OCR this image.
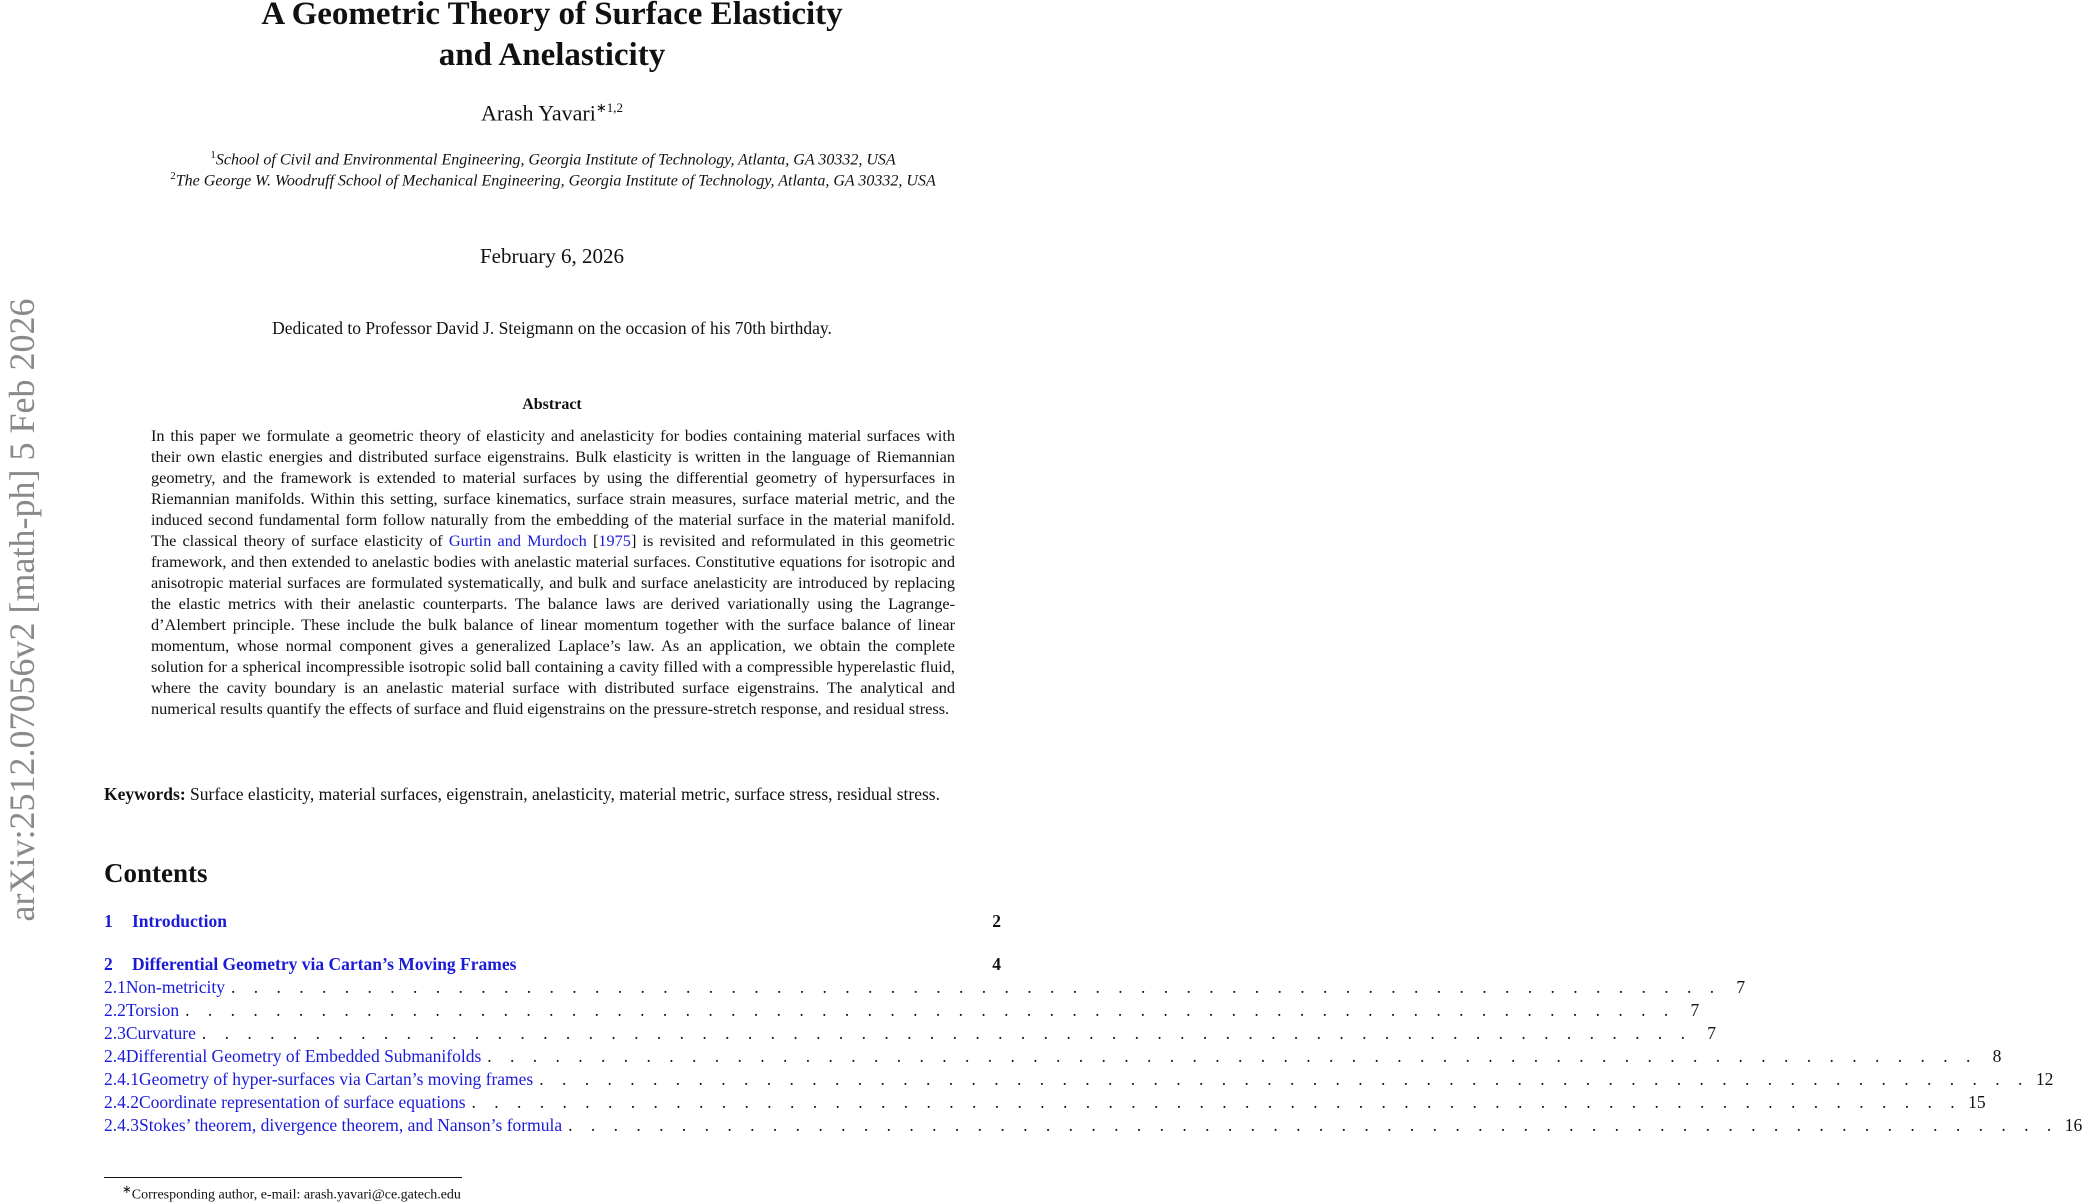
arXiv:2512.07056v2 [math-ph] 5 Feb 2026
A Geometric Theory of Surface Elasticity
and Anelasticity
Arash Yavari$^{∗1,2}$
$^1$School of Civil and Environmental Engineering, Georgia Institute of Technology, Atlanta, GA 30332, USA
$^2$The George W. Woodruff School of Mechanical Engineering, Georgia Institute of Technology, Atlanta, GA 30332, USA
February 6, 2026
Dedicated to Professor David J. Steigmann on the occasion of his 70th birthday.
Abstract

In this paper we formulate a geometric theory of elasticity and anelasticity for bodies containing material surfaces with their own elastic energies and distributed surface eigenstrains. Bulk elasticity is written in the language of Riemannian geometry, and the framework is extended to material surfaces by using the differential geometry of hypersurfaces in Riemannian manifolds. Within this setting, surface kinematics, surface strain measures, surface material metric, and the induced second fundamental form follow naturally from the embedding of the material surface in the material manifold. The classical theory of surface elasticity of Gurtin and Murdoch [1975] is revisited and reformulated in this geometric framework, and then extended to anelastic bodies with anelastic material surfaces. Constitutive equations for isotropic and anisotropic material surfaces are formulated systematically, and bulk and surface anelasticity are introduced by replacing the elastic metrics with their anelastic counterparts. The balance laws are derived variationally using the Lagrange-d’Alembert principle. These include the bulk balance of linear momentum together with the surface balance of linear momentum, whose normal component gives a generalized Laplace’s law. As an application, we obtain the complete solution for a spherical incompressible isotropic solid ball containing a cavity filled with a compressible hyperelastic fluid, where the cavity boundary is an anelastic material surface with distributed surface eigenstrains. The analytical and numerical results quantify the effects of surface and fluid eigenstrains on the pressure-stretch response, and residual stress.

Keywords: Surface elasticity, material surfaces, eigenstrain, anelasticity, material metric, surface stress, residual stress.
Contents
1	Introduction	2
2	Differential Geometry via Cartan’s Moving Frames	4
2.1 Non-metricity . . . . . . . . . . . . . . . . . . . . . . . . . . . . . . . . . . . . . . . . . . . . . . . . . . . . . . . . . . . . . . . . . . 7
2.2 Torsion . . . . . . . . . . . . . . . . . . . . . . . . . . . . . . . . . . . . . . . . . . . . . . . . . . . . . . . . . . . . . . . . . . 7
2.3 Curvature . . . . . . . . . . . . . . . . . . . . . . . . . . . . . . . . . . . . . . . . . . . . . . . . . . . . . . . . . . . . . . . . . . 7
2.4 Differential Geometry of Embedded Submanifolds . . . . . . . . . . . . . . . . . . . . . . . . . . . . . . . . . . . . . . . . . . . . . . . . . . . . . . . . . . . . . . . . . . 8
2.4.1 Geometry of hyper-surfaces via Cartan’s moving frames . . . . . . . . . . . . . . . . . . . . . . . . . . . . . . . . . . . . . . . . . . . . . . . . . . . . . . . . . . . . . . . . . . 12
2.4.2 Coordinate representation of surface equations . . . . . . . . . . . . . . . . . . . . . . . . . . . . . . . . . . . . . . . . . . . . . . . . . . . . . . . . . . . . . . . . . . 15
2.4.3 Stokes’ theorem, divergence theorem, and Nanson’s formula . . . . . . . . . . . . . . . . . . . . . . . . . . . . . . . . . . . . . . . . . . . . . . . . . . . . . . . . . . . . . . . . . . 16
∗Corresponding author, e-mail: arash.yavari@ce.gatech.edu
